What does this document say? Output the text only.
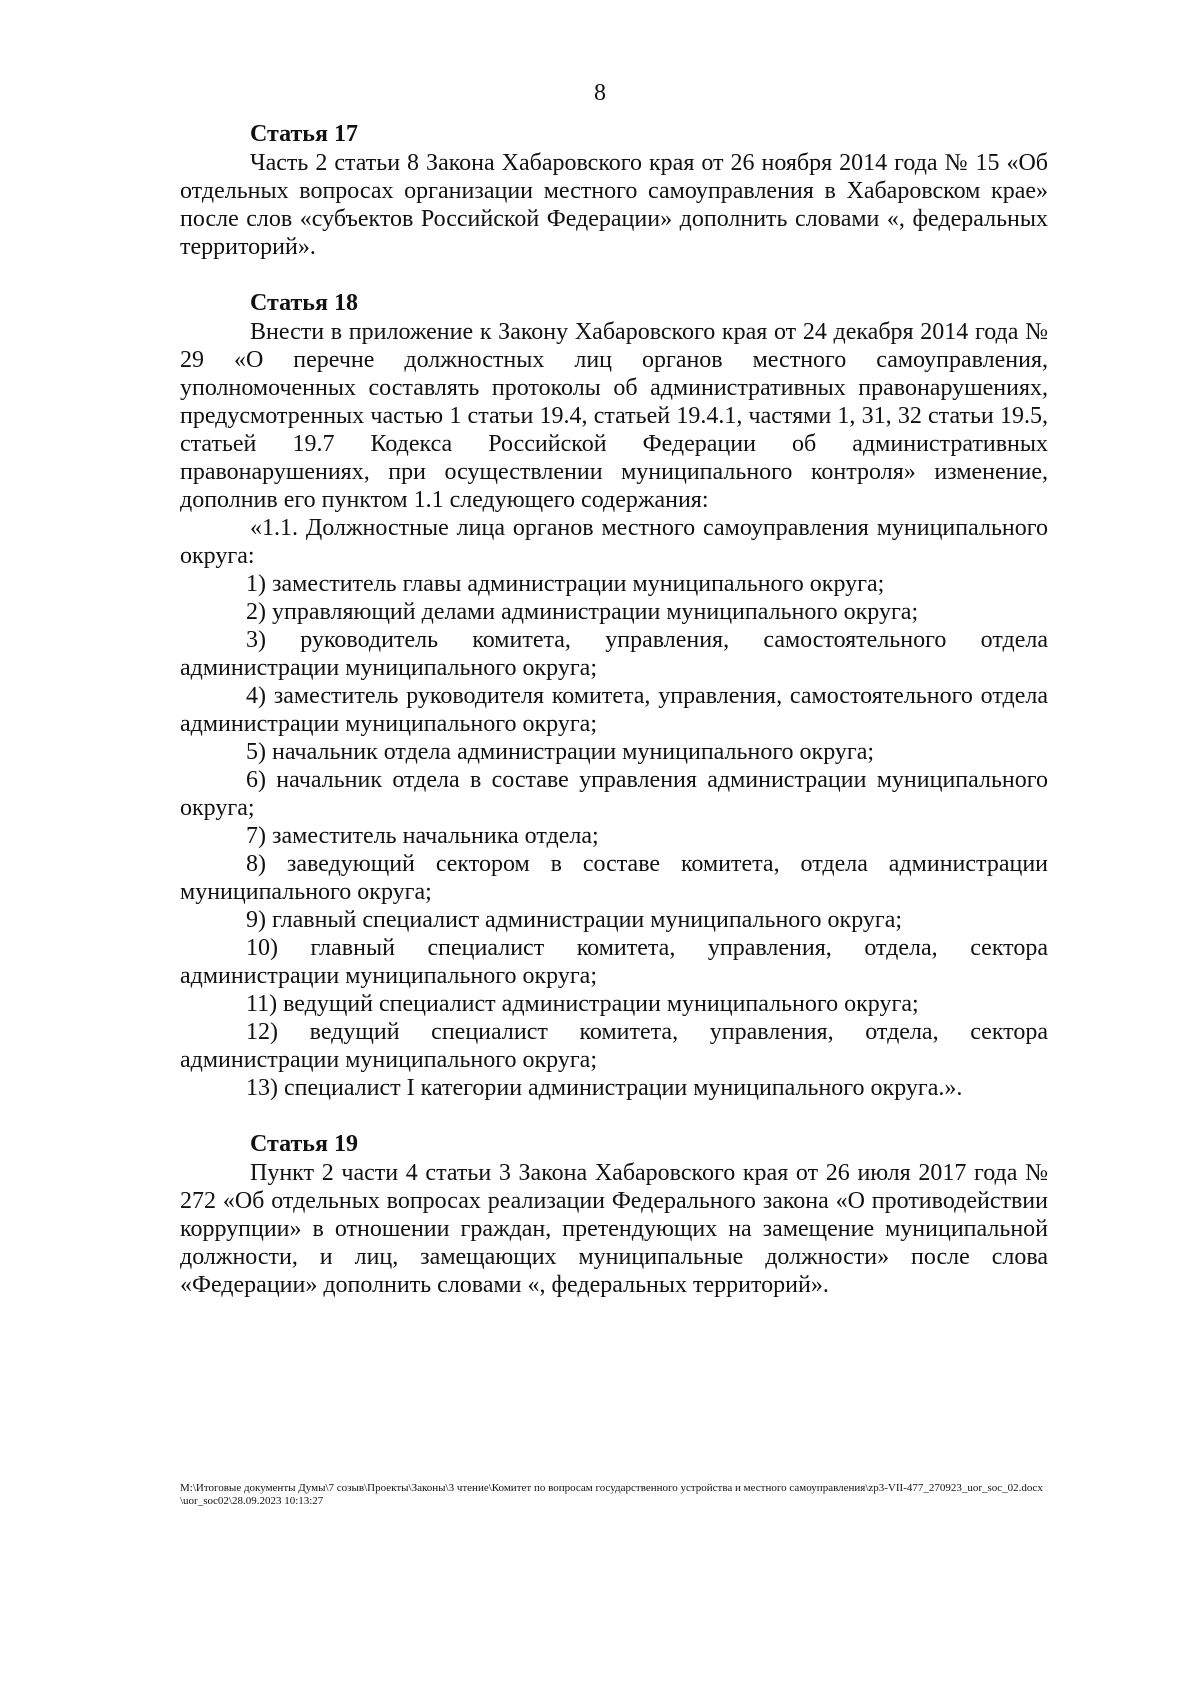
8
Статья 17

Часть 2 статьи 8 Закона Хабаровского края от 26 ноября 2014 года № 15 «Об отдельных вопросах организации местного самоуправления в Хабаровском крае» после слов «субъектов Российской Федерации» дополнить словами «, федеральных территорий».

Статья 18

Внести в приложение к Закону Хабаровского края от 24 декабря 2014 года № 29 «О перечне должностных лиц органов местного самоуправления, уполномоченных составлять протоколы об административных правонарушениях, предусмотренных частью 1 статьи 19.4, статьей 19.4.1, частями 1, 31, 32 статьи 19.5, статьей 19.7 Кодекса Российской Федерации об административных правонарушениях, при осуществлении муниципального контроля» изменение, дополнив его пунктом 1.1 следующего содержания:

«1.1. Должностные лица органов местного самоуправления муниципального округа:

1) заместитель главы администрации муниципального округа;

2) управляющий делами администрации муниципального округа;

3) руководитель комитета, управления, самостоятельного отдела администрации муниципального округа;

4) заместитель руководителя комитета, управления, самостоятельного отдела администрации муниципального округа;

5) начальник отдела администрации муниципального округа;

6) начальник отдела в составе управления администрации муниципального округа;

7) заместитель начальника отдела;

8) заведующий сектором в составе комитета, отдела администрации муниципального округа;

9) главный специалист администрации муниципального округа;

10) главный специалист комитета, управления, отдела, сектора администрации муниципального округа;

11) ведущий специалист администрации муниципального округа;

12) ведущий специалист комитета, управления, отдела, сектора администрации муниципального округа;

13) специалист I категории администрации муниципального округа.».

Статья 19

Пункт 2 части 4 статьи 3 Закона Хабаровского края от 26 июля 2017 года № 272 «Об отдельных вопросах реализации Федерального закона «О противодействии коррупции» в отношении граждан, претендующих на замещение муниципальной должности, и лиц, замещающих муниципальные должности» после слова «Федерации» дополнить словами «, федеральных территорий».

M:\Итоговые документы Думы\7 созыв\Проекты\Законы\3 чтение\Комитет по вопросам государственного устройства и местного самоуправления\zp3-VII-477_270923_uor_soc_02.docx\uor_soc02\28.09.2023 10:13:27
